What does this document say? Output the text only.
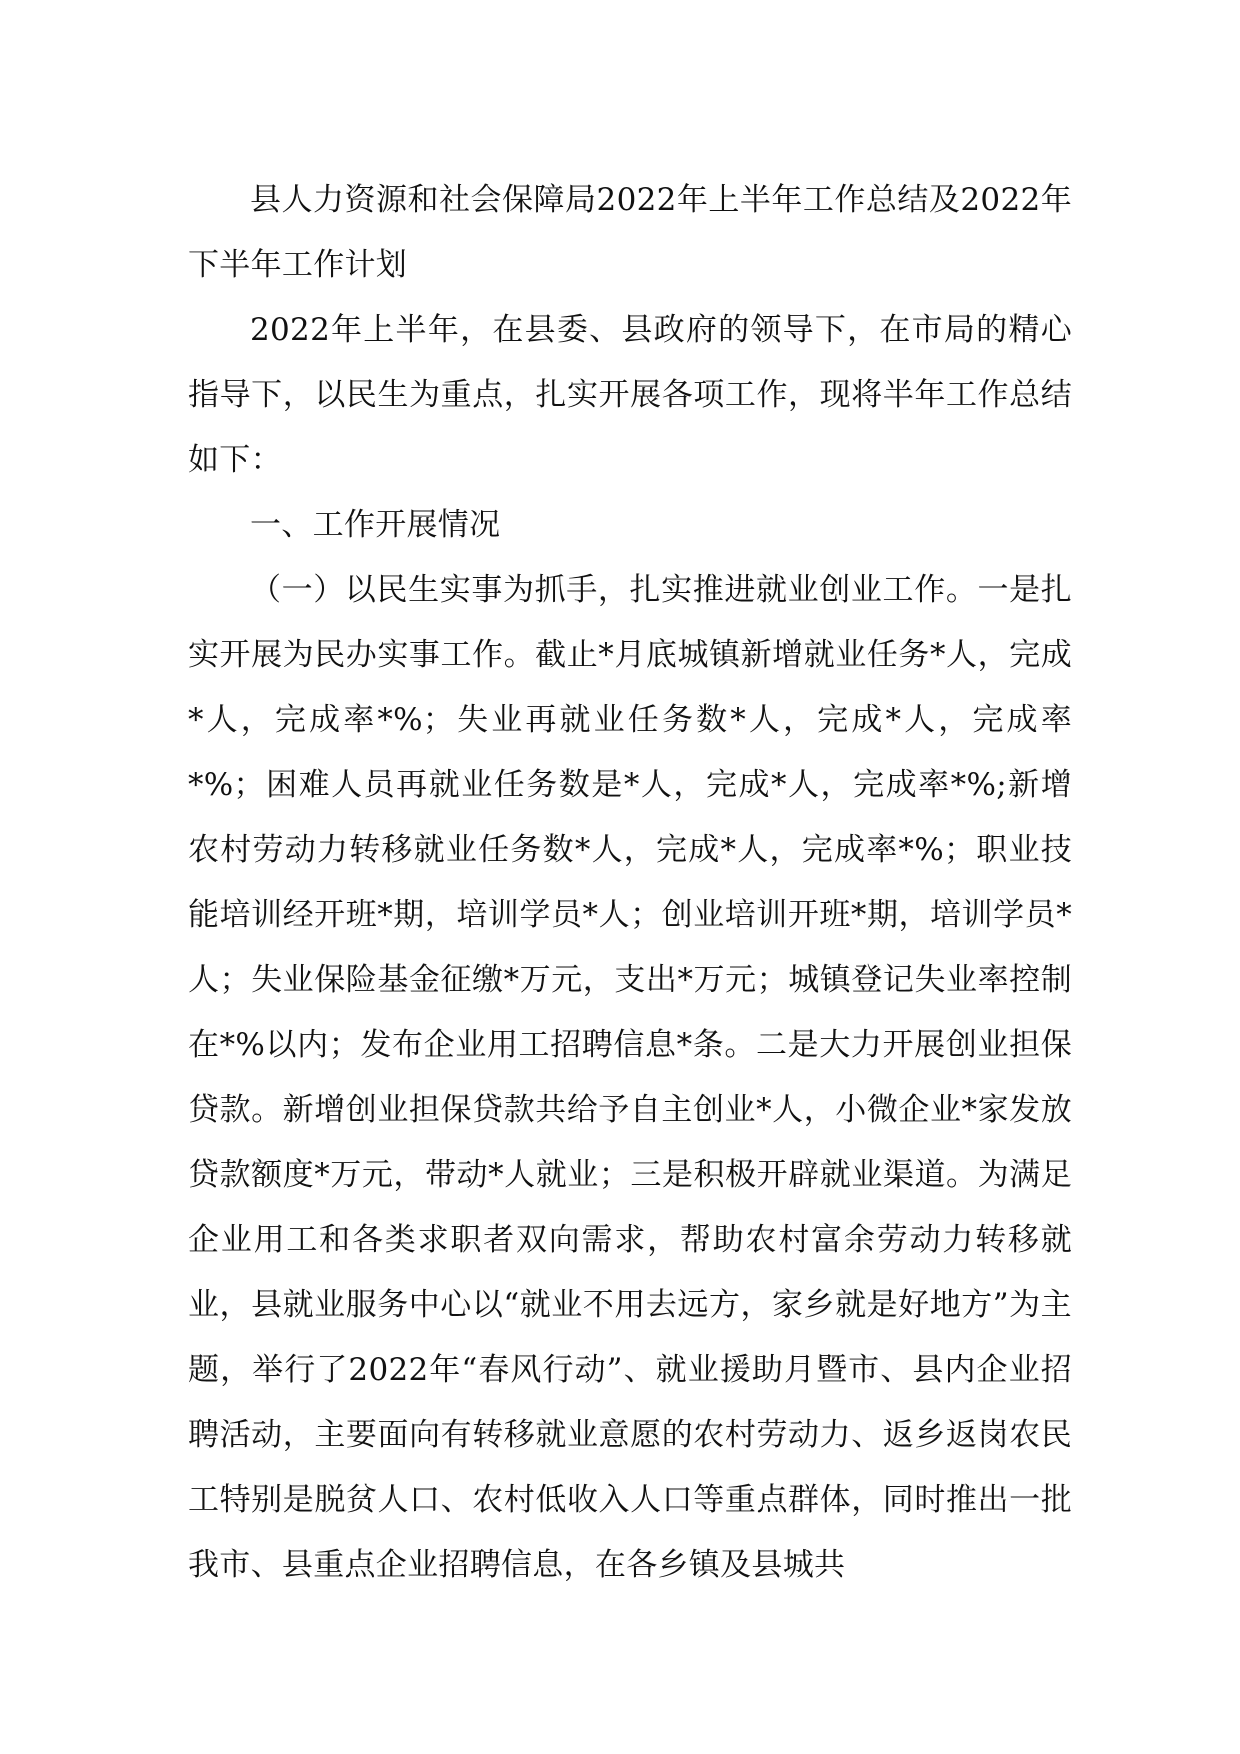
县人力资源和社会保障局2022年上半年工作总结及2022年下半年工作计划

2022年上半年，在县委、县政府的领导下，在市局的精心指导下，以民生为重点，扎实开展各项工作，现将半年工作总结如下：

一、工作开展情况

（一）以民生实事为抓手，扎实推进就业创业工作。一是扎实开展为民办实事工作。截止*月底城镇新增就业任务*人，完成*人，完成率*%；失业再就业任务数*人，完成*人，完成率*%；困难人员再就业任务数是*人，完成*人，完成率*%;新增农村劳动力转移就业任务数*人，完成*人，完成率*%；职业技能培训经开班*期，培训学员*人；创业培训开班*期，培训学员*人；失业保险基金征缴*万元，支出*万元；城镇登记失业率控制在*%以内；发布企业用工招聘信息*条。二是大力开展创业担保贷款。新增创业担保贷款共给予自主创业*人，小微企业*家发放贷款额度*万元，带动*人就业；三是积极开辟就业渠道。为满足企业用工和各类求职者双向需求，帮助农村富余劳动力转移就业，县就业服务中心以“就业不用去远方，家乡就是好地方”为主题，举行了2022年“春风行动”、就业援助月暨市、县内企业招聘活动，主要面向有转移就业意愿的农村劳动力、返乡返岗农民工特别是脱贫人口、农村低收入人口等重点群体，同时推出一批我市、县重点企业招聘信息，在各乡镇及县城共
